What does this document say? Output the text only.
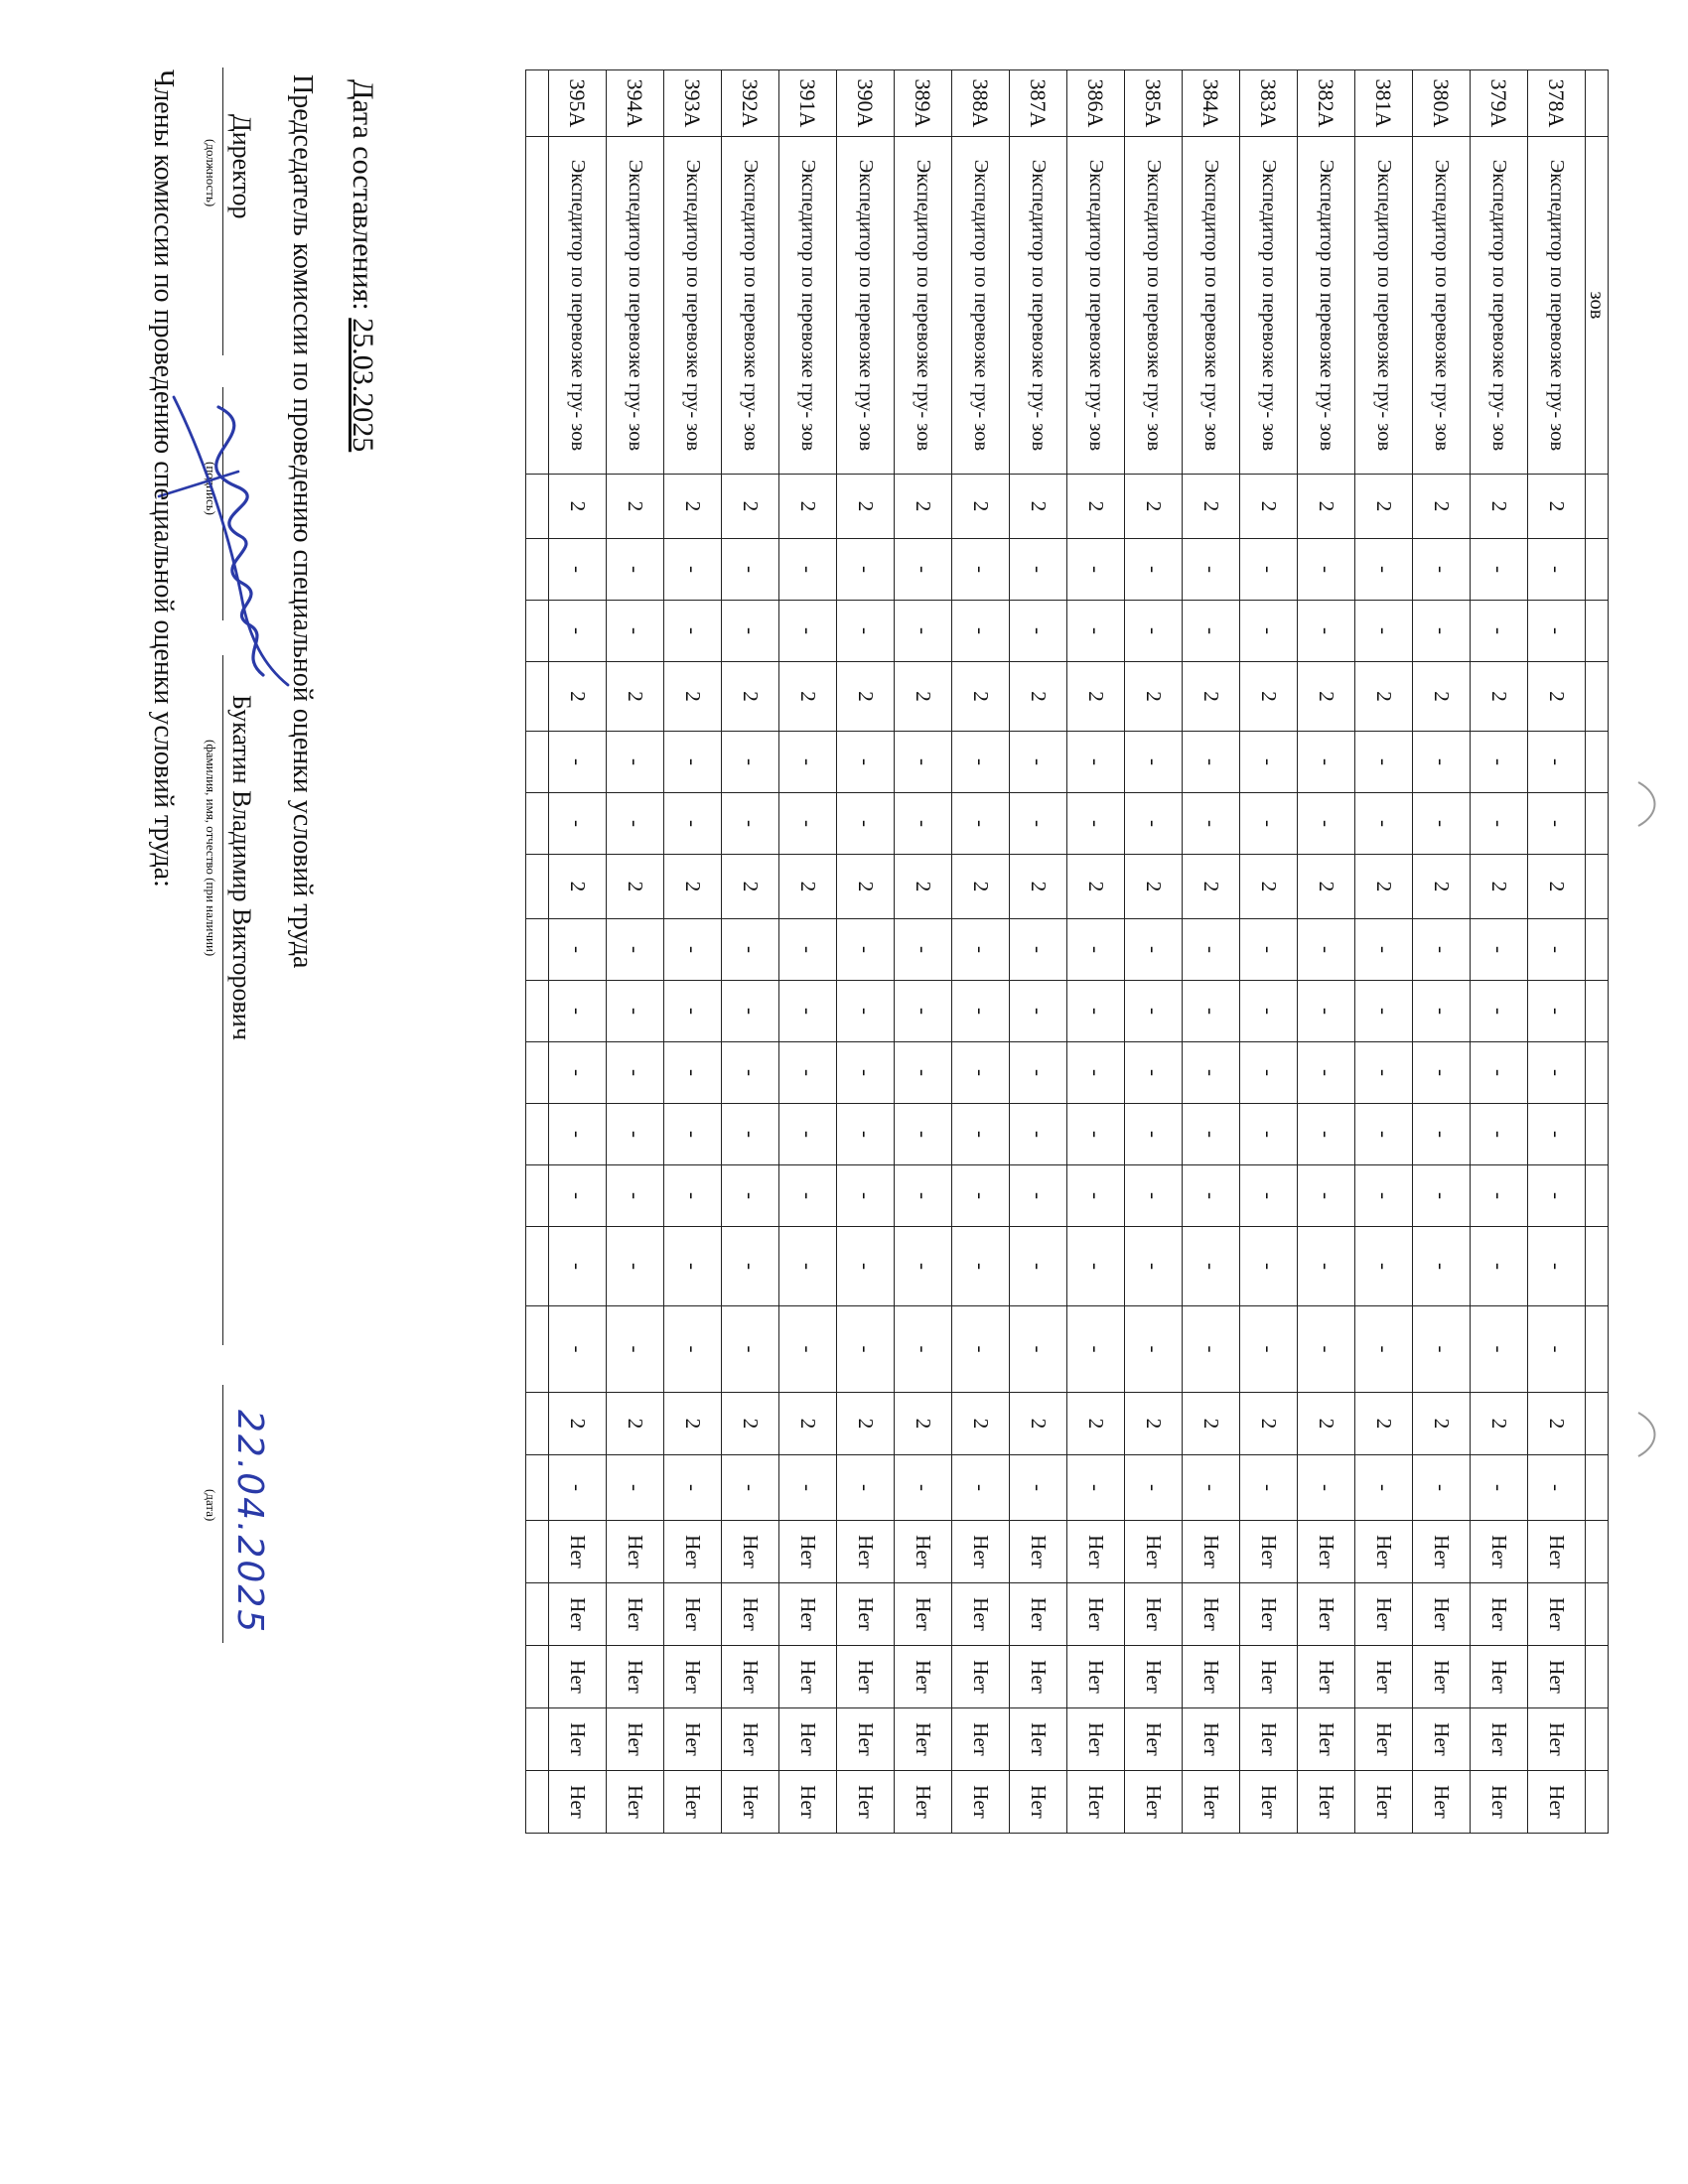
	зов																					
378А	Экспедитор по перевозке гру- зов	2	-	-	2	-	-	2	-	-	-	-	-	-	-	2	-	Нет	Нет	Нет	Нет	Нет
379А	Экспедитор по перевозке гру- зов	2	-	-	2	-	-	2	-	-	-	-	-	-	-	2	-	Нет	Нет	Нет	Нет	Нет
380А	Экспедитор по перевозке гру- зов	2	-	-	2	-	-	2	-	-	-	-	-	-	-	2	-	Нет	Нет	Нет	Нет	Нет
381А	Экспедитор по перевозке гру- зов	2	-	-	2	-	-	2	-	-	-	-	-	-	-	2	-	Нет	Нет	Нет	Нет	Нет
382А	Экспедитор по перевозке гру- зов	2	-	-	2	-	-	2	-	-	-	-	-	-	-	2	-	Нет	Нет	Нет	Нет	Нет
383А	Экспедитор по перевозке гру- зов	2	-	-	2	-	-	2	-	-	-	-	-	-	-	2	-	Нет	Нет	Нет	Нет	Нет
384А	Экспедитор по перевозке гру- зов	2	-	-	2	-	-	2	-	-	-	-	-	-	-	2	-	Нет	Нет	Нет	Нет	Нет
385А	Экспедитор по перевозке гру- зов	2	-	-	2	-	-	2	-	-	-	-	-	-	-	2	-	Нет	Нет	Нет	Нет	Нет
386А	Экспедитор по перевозке гру- зов	2	-	-	2	-	-	2	-	-	-	-	-	-	-	2	-	Нет	Нет	Нет	Нет	Нет
387А	Экспедитор по перевозке гру- зов	2	-	-	2	-	-	2	-	-	-	-	-	-	-	2	-	Нет	Нет	Нет	Нет	Нет
388А	Экспедитор по перевозке гру- зов	2	-	-	2	-	-	2	-	-	-	-	-	-	-	2	-	Нет	Нет	Нет	Нет	Нет
389А	Экспедитор по перевозке гру- зов	2	-	-	2	-	-	2	-	-	-	-	-	-	-	2	-	Нет	Нет	Нет	Нет	Нет
390А	Экспедитор по перевозке гру- зов	2	-	-	2	-	-	2	-	-	-	-	-	-	-	2	-	Нет	Нет	Нет	Нет	Нет
391А	Экспедитор по перевозке гру- зов	2	-	-	2	-	-	2	-	-	-	-	-	-	-	2	-	Нет	Нет	Нет	Нет	Нет
392А	Экспедитор по перевозке гру- зов	2	-	-	2	-	-	2	-	-	-	-	-	-	-	2	-	Нет	Нет	Нет	Нет	Нет
393А	Экспедитор по перевозке гру- зов	2	-	-	2	-	-	2	-	-	-	-	-	-	-	2	-	Нет	Нет	Нет	Нет	Нет
394А	Экспедитор по перевозке гру- зов	2	-	-	2	-	-	2	-	-	-	-	-	-	-	2	-	Нет	Нет	Нет	Нет	Нет
395А	Экспедитор по перевозке гру- зов	2	-	-	2	-	-	2	-	-	-	-	-	-	-	2	-	Нет	Нет	Нет	Нет	Нет

Дата составления: 25.03.2025
Председатель комиссии по проведению специальной оценки условий труда
Директор
(должность)
(подпись)
Букатин Владимир Викторович
(фамилия, имя, отчество (при наличии)
22.04.2025
(дата)
Члены комиссии по проведению специальной оценки условий труда:
